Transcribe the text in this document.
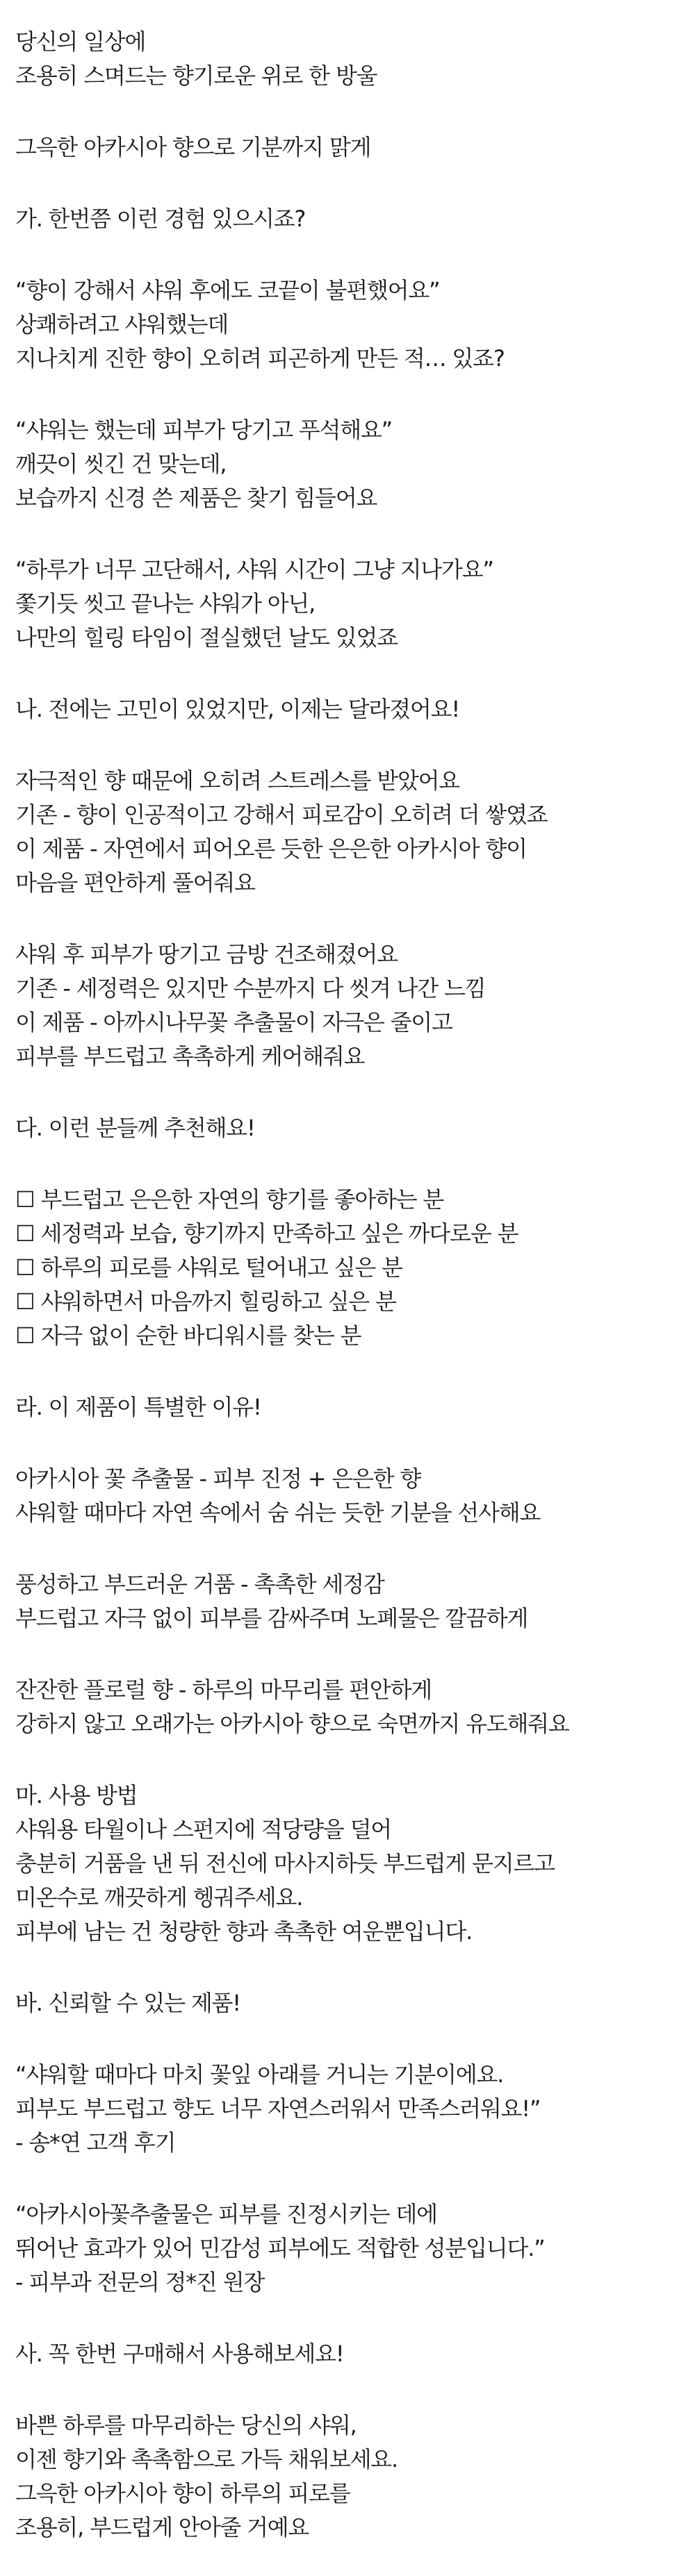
당신의 일상에
조용히 스며드는 향기로운 위로 한 방울
그윽한 아카시아 향으로 기분까지 맑게
가. 한번쯤 이런 경험 있으시죠?
“향이 강해서 샤워 후에도 코끝이 불편했어요”
상쾌하려고 샤워했는데
지나치게 진한 향이 오히려 피곤하게 만든 적… 있죠?
“샤워는 했는데 피부가 당기고 푸석해요”
깨끗이 씻긴 건 맞는데,
보습까지 신경 쓴 제품은 찾기 힘들어요
“하루가 너무 고단해서, 샤워 시간이 그냥 지나가요”
쫓기듯 씻고 끝나는 샤워가 아닌,
나만의 힐링 타임이 절실했던 날도 있었죠
나. 전에는 고민이 있었지만, 이제는 달라졌어요!
자극적인 향 때문에 오히려 스트레스를 받았어요
기존 - 향이 인공적이고 강해서 피로감이 오히려 더 쌓였죠
이 제품 - 자연에서 피어오른 듯한 은은한 아카시아 향이
마음을 편안하게 풀어줘요
샤워 후 피부가 땅기고 금방 건조해졌어요
기존 - 세정력은 있지만 수분까지 다 씻겨 나간 느낌
이 제품 - 아까시나무꽃 추출물이 자극은 줄이고
피부를 부드럽고 촉촉하게 케어해줘요
다. 이런 분들께 추천해요!
☐ 부드럽고 은은한 자연의 향기를 좋아하는 분
☐ 세정력과 보습, 향기까지 만족하고 싶은 까다로운 분
☐ 하루의 피로를 샤워로 털어내고 싶은 분
☐ 샤워하면서 마음까지 힐링하고 싶은 분
☐ 자극 없이 순한 바디워시를 찾는 분
라. 이 제품이 특별한 이유!
아카시아 꽃 추출물 - 피부 진정 + 은은한 향
샤워할 때마다 자연 속에서 숨 쉬는 듯한 기분을 선사해요
풍성하고 부드러운 거품 - 촉촉한 세정감
부드럽고 자극 없이 피부를 감싸주며 노폐물은 깔끔하게
잔잔한 플로럴 향 - 하루의 마무리를 편안하게
강하지 않고 오래가는 아카시아 향으로 숙면까지 유도해줘요
마. 사용 방법
샤워용 타월이나 스펀지에 적당량을 덜어
충분히 거품을 낸 뒤 전신에 마사지하듯 부드럽게 문지르고
미온수로 깨끗하게 헹궈주세요.
피부에 남는 건 청량한 향과 촉촉한 여운뿐입니다.
바. 신뢰할 수 있는 제품!
“샤워할 때마다 마치 꽃잎 아래를 거니는 기분이에요.
피부도 부드럽고 향도 너무 자연스러워서 만족스러워요!”
- 송*연 고객 후기
“아카시아꽃추출물은 피부를 진정시키는 데에
뛰어난 효과가 있어 민감성 피부에도 적합한 성분입니다.”
- 피부과 전문의 정*진 원장
사. 꼭 한번 구매해서 사용해보세요!
바쁜 하루를 마무리하는 당신의 샤워,
이젠 향기와 촉촉함으로 가득 채워보세요.
그윽한 아카시아 향이 하루의 피로를
조용히, 부드럽게 안아줄 거예요
